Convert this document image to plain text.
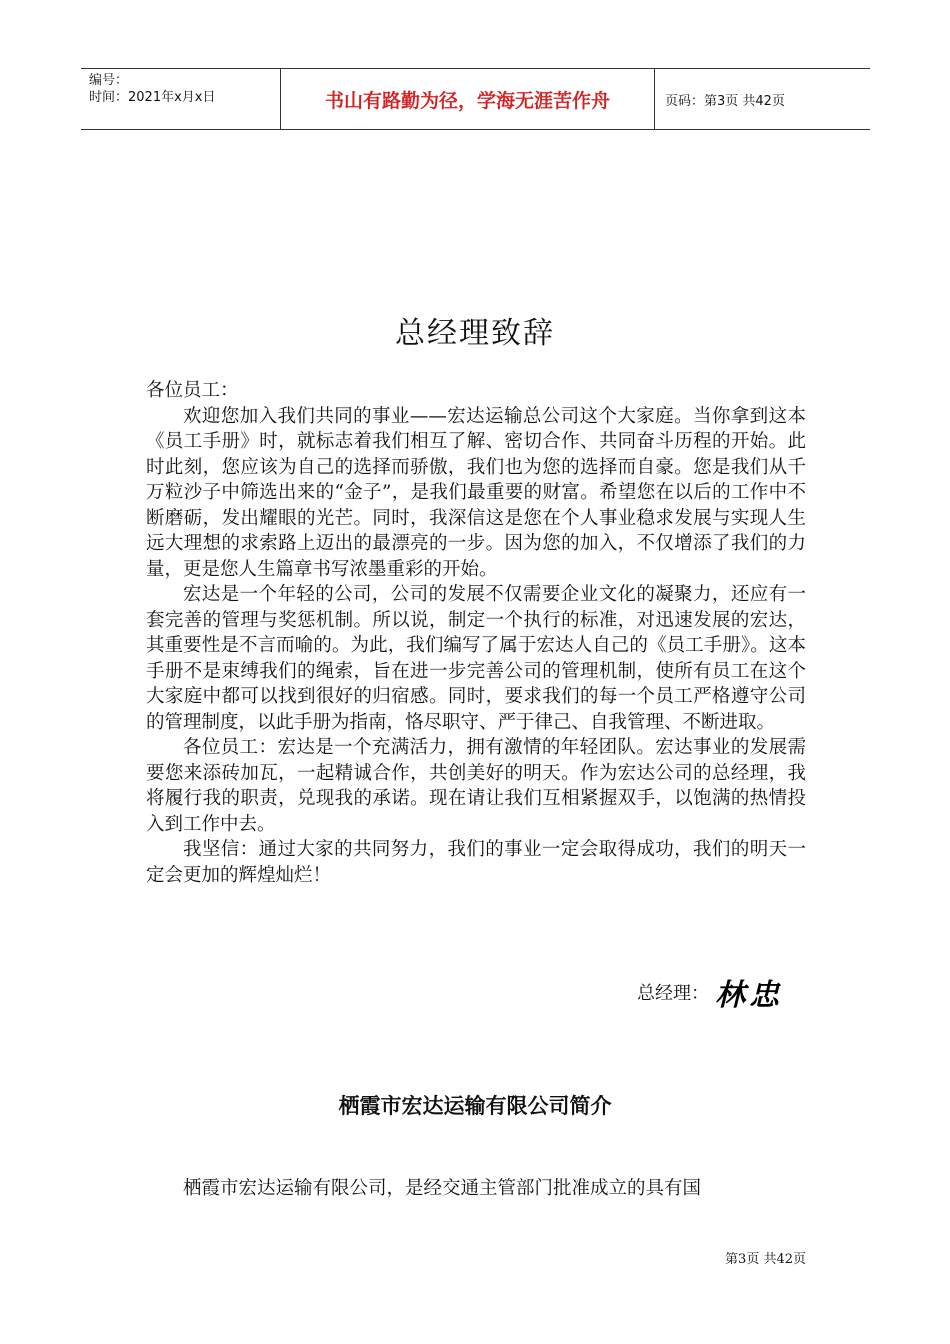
编号：
时间：2021年x月x日	书山有路勤为径，学海无涯苦作舟	页码：第3页 共42页
总经理致辞

各位员工：

欢迎您加入我们共同的事业——宏达运输总公司这个大家庭。当你拿到这本《员工手册》时，就标志着我们相互了解、密切合作、共同奋斗历程的开始。此时此刻，您应该为自己的选择而骄傲，我们也为您的选择而自豪。您是我们从千万粒沙子中筛选出来的“金子”，是我们最重要的财富。希望您在以后的工作中不断磨砺，发出耀眼的光芒。同时，我深信这是您在个人事业稳求发展与实现人生远大理想的求索路上迈出的最漂亮的一步。因为您的加入，不仅增添了我们的力量，更是您人生篇章书写浓墨重彩的开始。

宏达是一个年轻的公司，公司的发展不仅需要企业文化的凝聚力，还应有一套完善的管理与奖惩机制。所以说，制定一个执行的标准，对迅速发展的宏达，其重要性是不言而喻的。为此，我们编写了属于宏达人自己的《员工手册》。这本手册不是束缚我们的绳索，旨在进一步完善公司的管理机制，使所有员工在这个大家庭中都可以找到很好的归宿感。同时，要求我们的每一个员工严格遵守公司的管理制度，以此手册为指南，恪尽职守、严于律己、自我管理、不断进取。

各位员工：宏达是一个充满活力，拥有激情的年轻团队。宏达事业的发展需要您来添砖加瓦，一起精诚合作，共创美好的明天。作为宏达公司的总经理，我将履行我的职责，兑现我的承诺。现在请让我们互相紧握双手，以饱满的热情投入到工作中去。

我坚信：通过大家的共同努力，我们的事业一定会取得成功，我们的明天一定会更加的辉煌灿烂！

总经理： 林忠
栖霞市宏达运输有限公司简介

栖霞市宏达运输有限公司，是经交通主管部门批准成立的具有国

第3页 共42页
